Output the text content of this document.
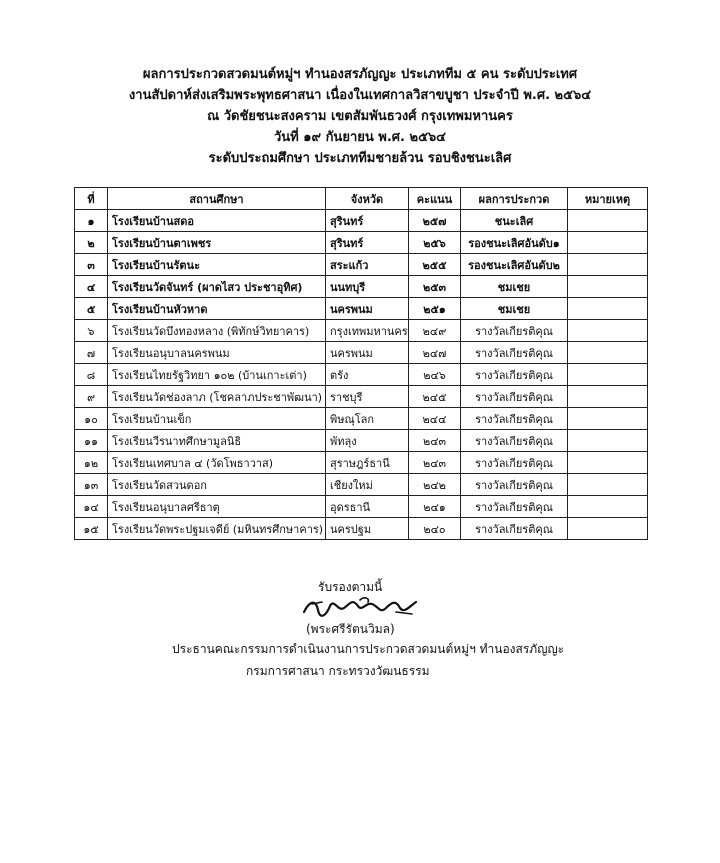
ผลการประกวดสวดมนต์หมู่ฯ ทำนองสรภัญญะ ประเภททีม ๕ คน ระดับประเทศ
งานสัปดาห์ส่งเสริมพระพุทธศาสนา เนื่องในเทศกาลวิสาขบูชา ประจำปี พ.ศ. ๒๕๖๔
ณ วัดชัยชนะสงคราม เขตสัมพันธวงศ์ กรุงเทพมหานคร
วันที่ ๑๙ กันยายน พ.ศ. ๒๕๖๔
ระดับประถมศึกษา ประเภททีมชายล้วน รอบชิงชนะเลิศ
ที่	สถานศึกษา	จังหวัด	คะแนน	ผลการประกวด	หมายเหตุ
๑	โรงเรียนบ้านสดอ	สุรินทร์	๒๕๗	ชนะเลิศ	
๒	โรงเรียนบ้านตาเพชร	สุรินทร์	๒๕๖	รองชนะเลิศอันดับ๑	
๓	โรงเรียนบ้านรัตนะ	สระแก้ว	๒๕๕	รองชนะเลิศอันดับ๒	
๔	โรงเรียนวัดจันทร์ (ผาดไสว ประชาอุทิศ)	นนทบุรี	๒๕๓	ชมเชย	
๕	โรงเรียนบ้านหัวหาด	นครพนม	๒๕๑	ชมเชย	
๖	โรงเรียนวัดบึงทองหลาง (พิทักษ์วิทยาคาร)	กรุงเทพมหานคร	๒๔๙	รางวัลเกียรติคุณ	
๗	โรงเรียนอนุบาลนครพนม	นครพนม	๒๔๗	รางวัลเกียรติคุณ	
๘	โรงเรียนไทยรัฐวิทยา ๑๐๒ (บ้านเกาะเต่า)	ตรัง	๒๔๖	รางวัลเกียรติคุณ	
๙	โรงเรียนวัดช่องลาภ (โชคลาภประชาพัฒนา)	ราชบุรี	๒๔๕	รางวัลเกียรติคุณ	
๑๐	โรงเรียนบ้านเข็ก	พิษณุโลก	๒๔๔	รางวัลเกียรติคุณ	
๑๑	โรงเรียนวีรนาทศึกษามูลนิธิ	พัทลุง	๒๔๓	รางวัลเกียรติคุณ	
๑๒	โรงเรียนเทศบาล ๔ (วัดโพธาวาส)	สุราษฎร์ธานี	๒๔๓	รางวัลเกียรติคุณ	
๑๓	โรงเรียนวัดสวนดอก	เชียงใหม่	๒๔๒	รางวัลเกียรติคุณ	
๑๔	โรงเรียนอนุบาลศรีธาตุ	อุดรธานี	๒๔๑	รางวัลเกียรติคุณ	
๑๕	โรงเรียนวัดพระปฐมเจดีย์ (มหินทรศึกษาคาร)	นครปฐม	๒๔๐	รางวัลเกียรติคุณ	
รับรองตามนี้
(พระศรีรัตนวิมล)
ประธานคณะกรรมการดำเนินงานการประกวดสวดมนต์หมู่ฯ ทำนองสรภัญญะ
กรมการศาสนา กระทรวงวัฒนธรรม
